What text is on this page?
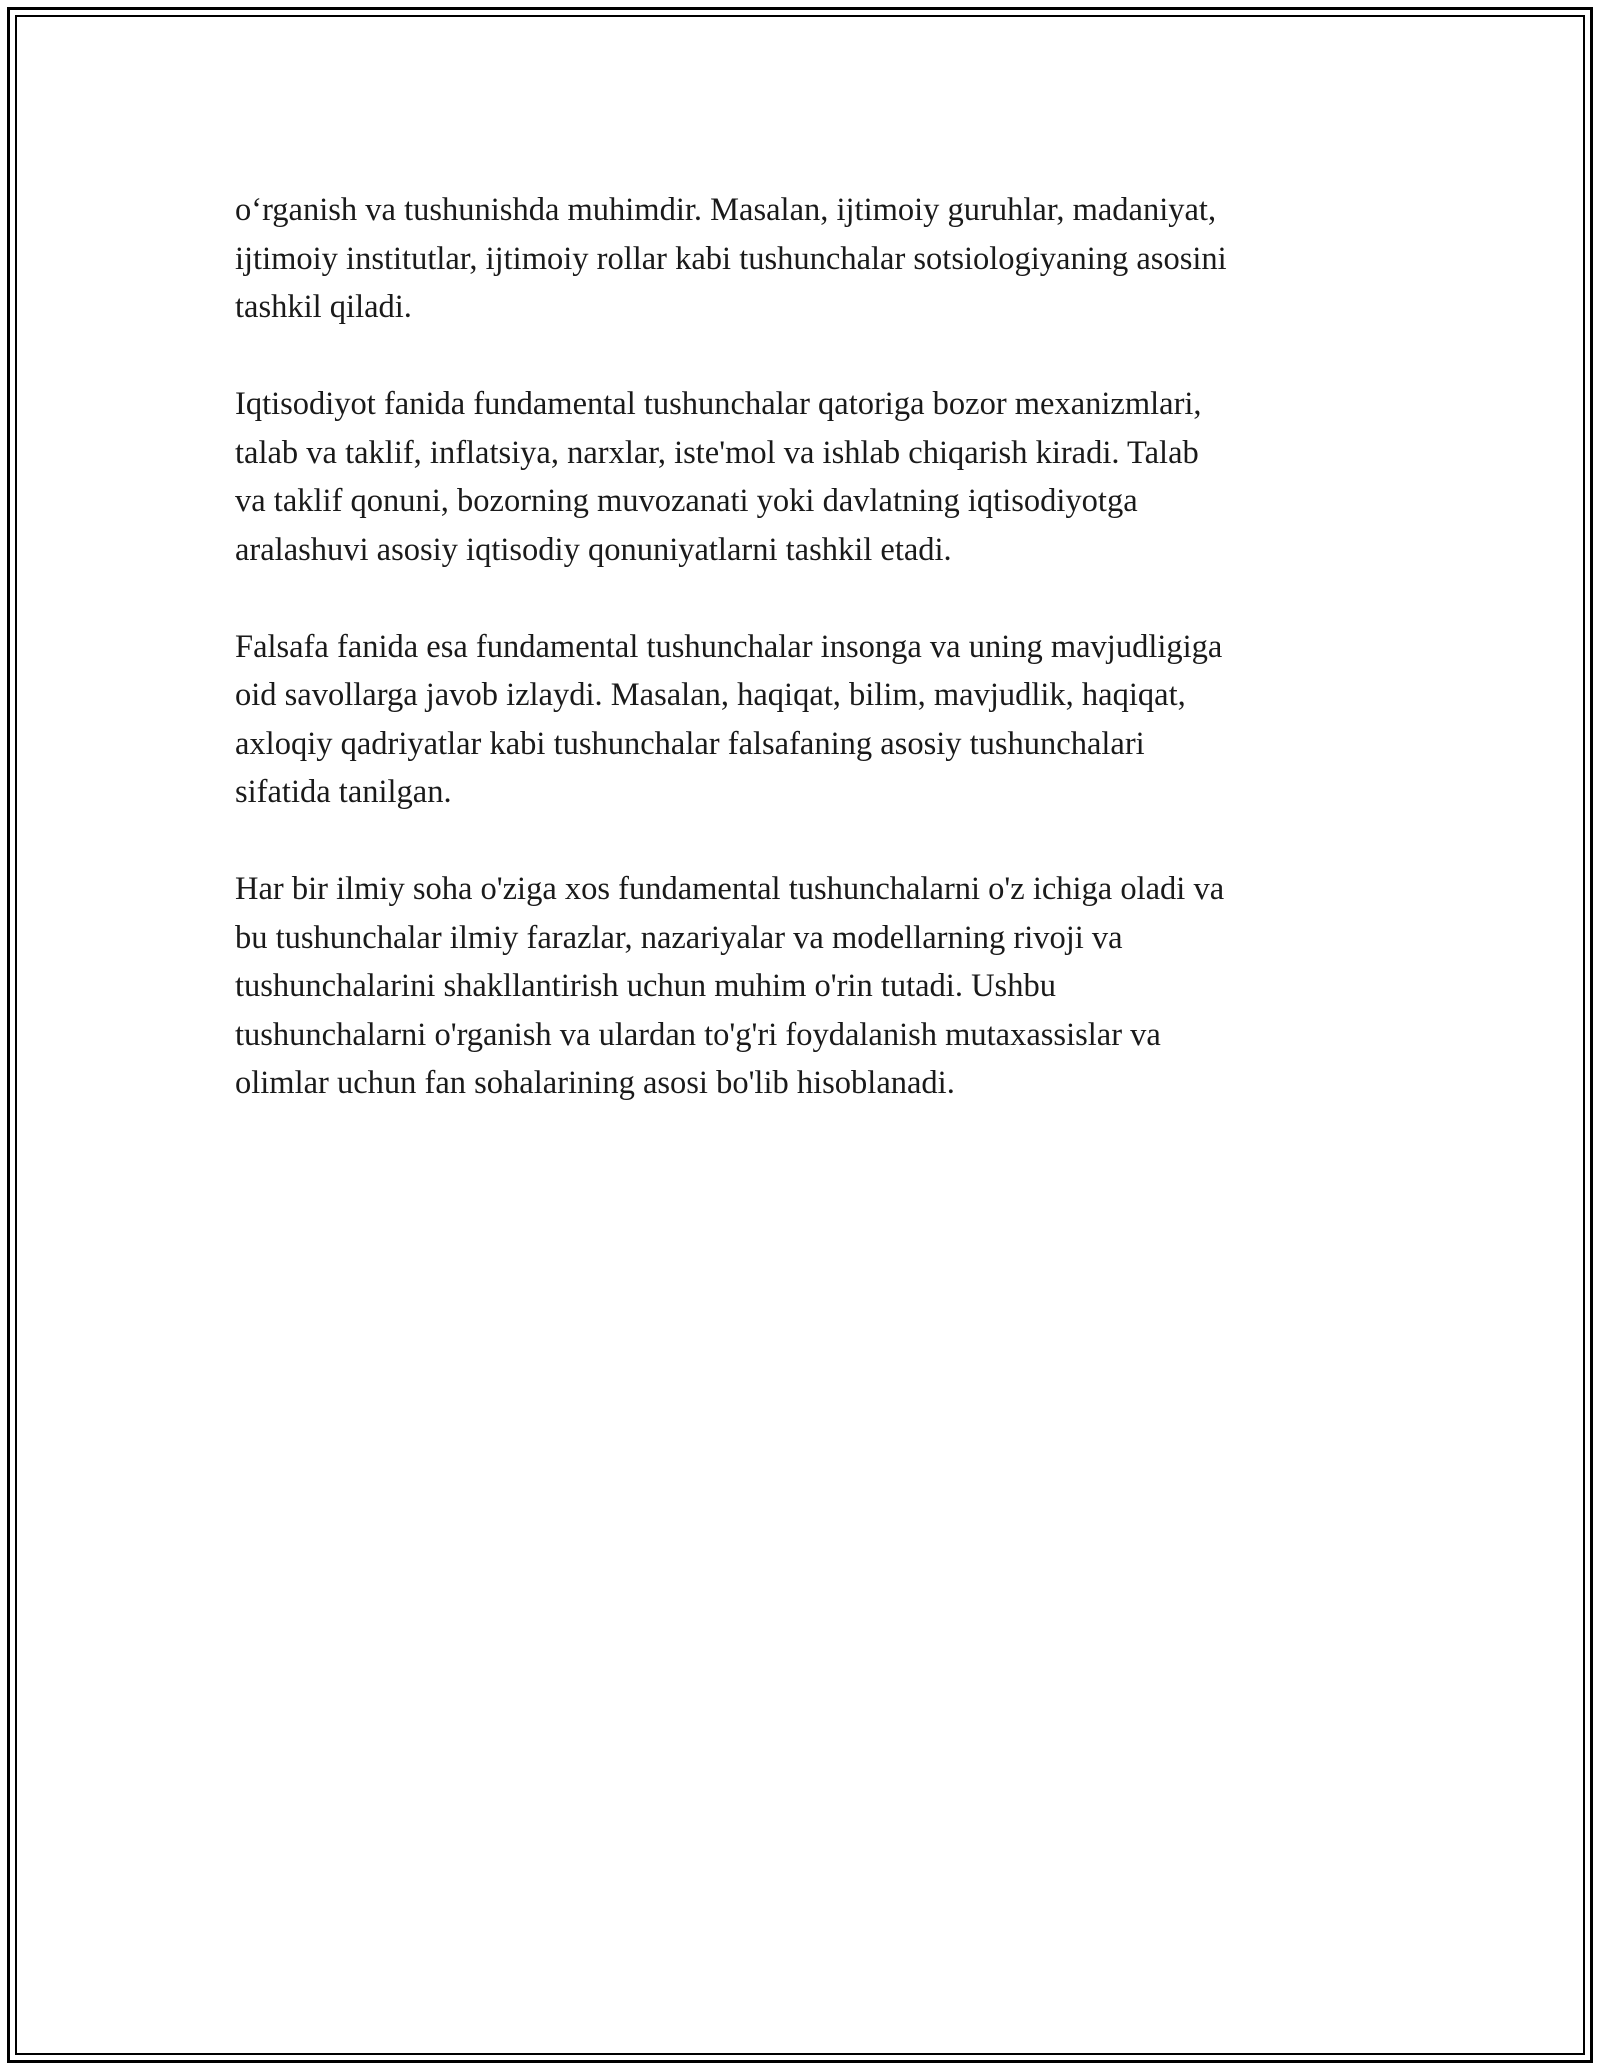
o‘rganish va tushunishda muhimdir. Masalan, ijtimoiy guruhlar, madaniyat,
ijtimoiy institutlar, ijtimoiy rollar kabi tushunchalar sotsiologiyaning asosini
tashkil qiladi.

Iqtisodiyot fanida fundamental tushunchalar qatoriga bozor mexanizmlari,
talab va taklif, inflatsiya, narxlar, iste'mol va ishlab chiqarish kiradi. Talab
va taklif qonuni, bozorning muvozanati yoki davlatning iqtisodiyotga
aralashuvi asosiy iqtisodiy qonuniyatlarni tashkil etadi.

Falsafa fanida esa fundamental tushunchalar insonga va uning mavjudligiga
oid savollarga javob izlaydi. Masalan, haqiqat, bilim, mavjudlik, haqiqat,
axloqiy qadriyatlar kabi tushunchalar falsafaning asosiy tushunchalari
sifatida tanilgan.

Har bir ilmiy soha o'ziga xos fundamental tushunchalarni o'z ichiga oladi va
bu tushunchalar ilmiy farazlar, nazariyalar va modellarning rivoji va
tushunchalarini shakllantirish uchun muhim o'rin tutadi. Ushbu
tushunchalarni o'rganish va ulardan to'g'ri foydalanish mutaxassislar va
olimlar uchun fan sohalarining asosi bo'lib hisoblanadi.
